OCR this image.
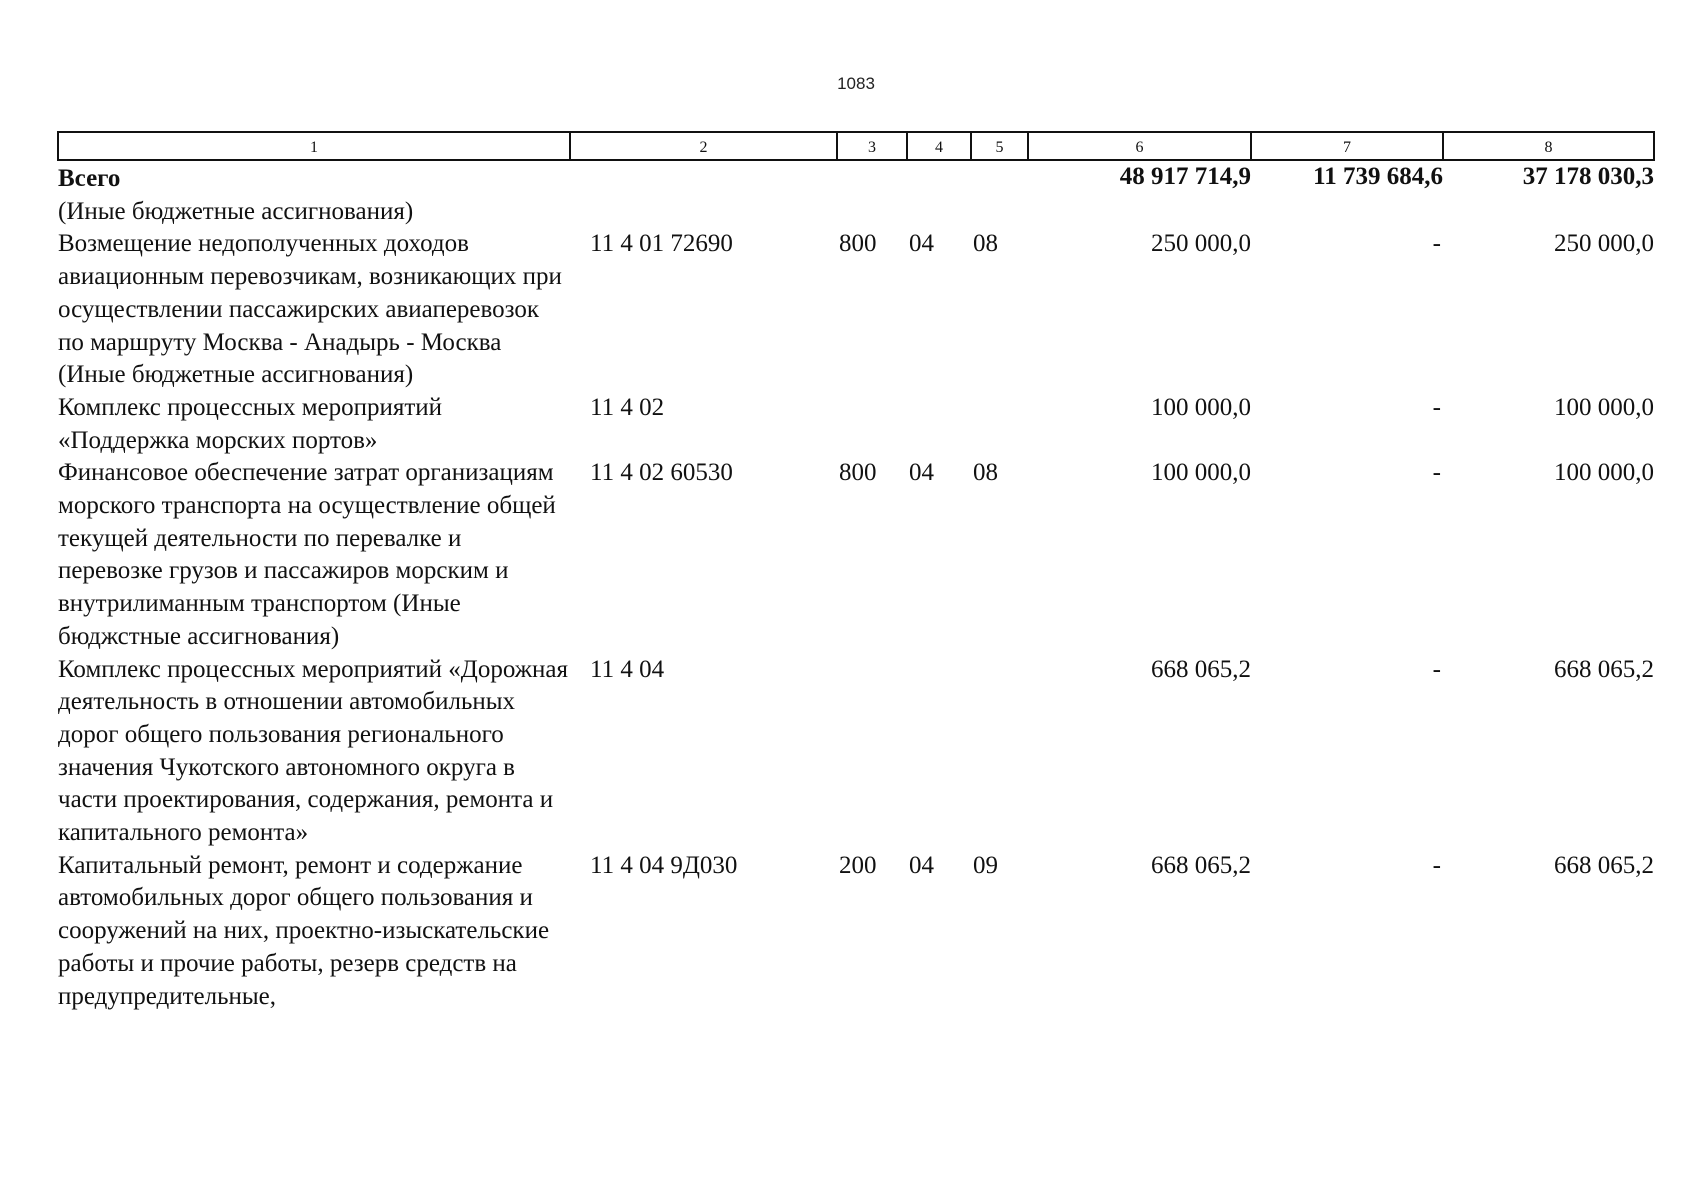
1083
1	2	3	4	5	6	7	8
Всего					48 917 714,9	11 739 684,6	37 178 030,3
(Иные бюджетные ассигнования)							
Возмещение недополученных доходов авиационным перевозчикам, возникающих при осуществлении пассажирских авиаперевозок по маршруту Москва - Анадырь - Москва (Иные бюджетные ассигнования)	11 4 01 72690	800	04	08	250 000,0	-	250 000,0
Комплекс процессных мероприятий «Поддержка морских портов»	11 4 02				100 000,0	-	100 000,0
Финансовое обеспечение затрат организациям морского транспорта на осуществление общей текущей деятельности по перевалке и перевозке грузов и пассажиров морским и внутрилиманным транспортом (Иные бюджстные ассигнования)	11 4 02 60530	800	04	08	100 000,0	-	100 000,0
Комплекс процессных мероприятий «Дорожная деятельность в отношении автомобильных дорог общего пользования регионального значения Чукотского автономного округа в части проектирования, содержания, ремонта и капитального ремонта»	11 4 04				668 065,2	-	668 065,2
Капитальный ремонт, ремонт и содержание автомобильных дорог общего пользования и сооружений на них, проектно-изыскательские работы и прочие работы, резерв средств на предупредительные,	11 4 04 9Д030	200	04	09	668 065,2	-	668 065,2
